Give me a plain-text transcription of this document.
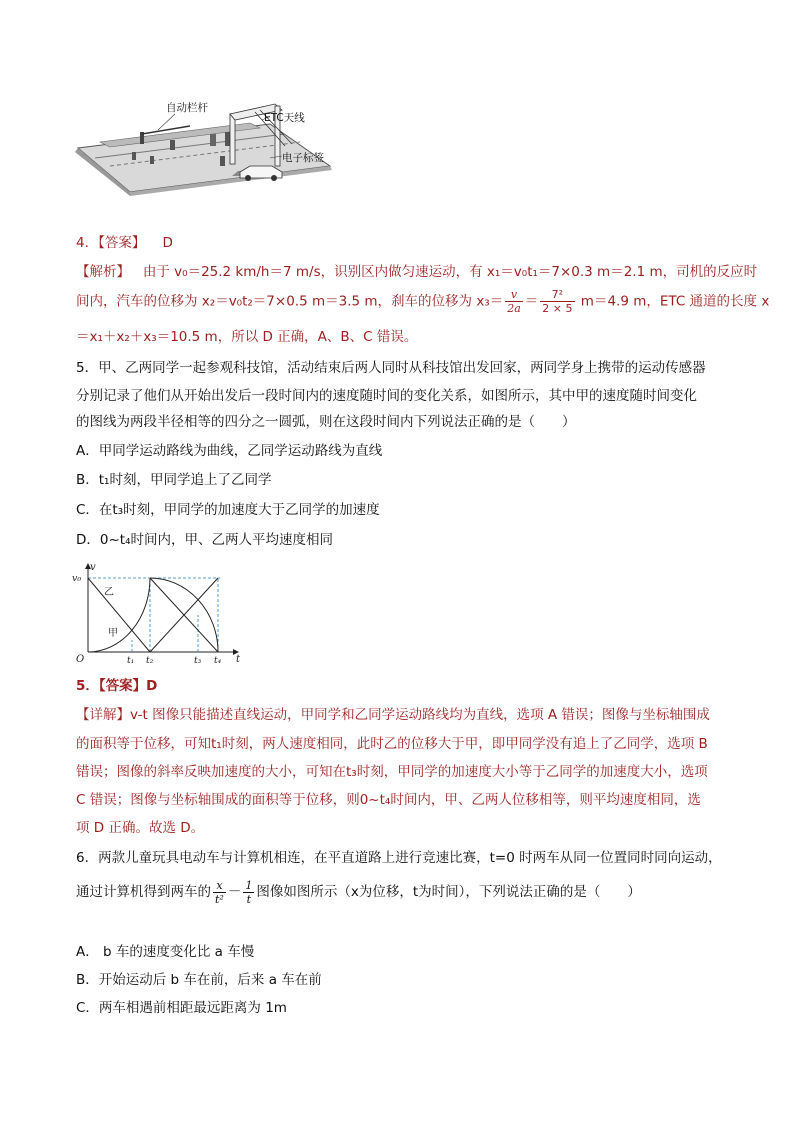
自动栏杆
ETC天线
电子标签
4．【答案】 D
【解析】 由于 v₀＝25.2 km/h＝7 m/s，识别区内做匀速运动，有 x₁＝v₀t₁＝7×0.3 m＝2.1 m，司机的反应时
间内，汽车的位移为 x₂＝v₀t₂＝7×0.5 m＝3.5 m，刹车的位移为 $x_3= \frac{v}{2a} = \frac{\text{7²}}{2 \times 5} m=4.9$ m，ETC 通道的长度 x
＝x₁＋x₂＋x₃＝10.5 m，所以 D 正确，A、B、C 错误。
5．甲、乙两同学一起参观科技馆，活动结束后两人同时从科技馆出发回家，两同学身上携带的运动传感器
分别记录了他们从开始出发后一段时间内的速度随时间的变化关系，如图所示，其中甲的速度随时间变化
的图线为两段半径相等的四分之一圆弧，则在这段时间内下列说法正确的是（　　）
A．甲同学运动路线为曲线，乙同学运动路线为直线
B．t₁时刻，甲同学追上了乙同学
C．在t₃时刻，甲同学的加速度大于乙同学的加速度
D．0~t₄时间内，甲、乙两人平均速度相同
v
v₀
O	t
t₁ t₂	t₃ t₄
乙
甲
5．【答案】D
【详解】v-t 图像只能描述直线运动，甲同学和乙同学运动路线均为直线，选项 A 错误；图像与坐标轴围成
的面积等于位移，可知t₁时刻，两人速度相同，此时乙的位移大于甲，即甲同学没有追上了乙同学，选项 B
错误；图像的斜率反映加速度的大小，可知在t₃时刻，甲同学的加速度大小等于乙同学的加速度大小，选项
C 错误；图像与坐标轴围成的面积等于位移，则0~t₄时间内，甲、乙两人位移相等，则平均速度相同，选
项 D 正确。故选 D。
6．两款儿童玩具电动车与计算机相连，在平直道路上进行竞速比赛，t=0 时两车从同一位置同时同向运动，
通过计算机得到两车的 $\frac{x}{\text{t²}} - \frac{1}{t}$ 图像如图所示（x为位移，t为时间），下列说法正确的是（　　）
A． b 车的速度变化比 a 车慢
B．开始运动后 b 车在前，后来 a 车在前
C．两车相遇前相距最远距离为 1m
